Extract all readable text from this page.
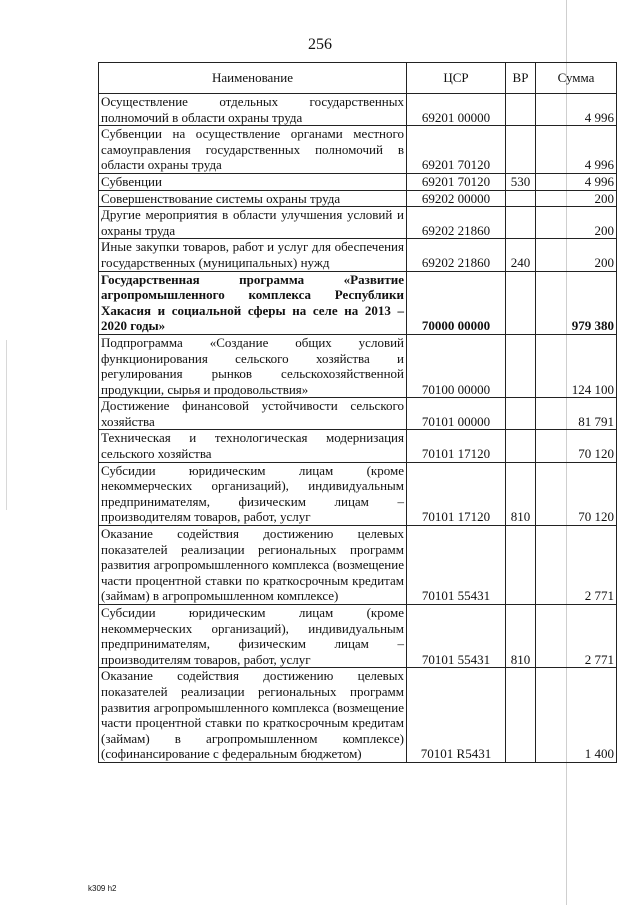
256
Наименование	ЦСР	ВР	Сумма
Осуществление отдельных государственных полномочий в области охраны труда	69201 00000		4 996
Субвенции на осуществление органами местного самоуправления государственных полномочий в области охраны труда	69201 70120		4 996
Субвенции	69201 70120	530	4 996
Совершенствование системы охраны труда	69202 00000		200
Другие мероприятия в области улучшения условий и охраны труда	69202 21860		200
Иные закупки товаров, работ и услуг для обеспечения государственных (муниципальных) нужд	69202 21860	240	200
Государственная программа «Развитие агропромышленного комплекса Республики Хакасия и социальной сферы на селе на 2013 – 2020 годы»	70000 00000		979 380
Подпрограмма «Создание общих условий функционирования сельского хозяйства и регулирования рынков сельскохозяйственной продукции, сырья и продовольствия»	70100 00000		124 100
Достижение финансовой устойчивости сельского хозяйства	70101 00000		81 791
Техническая и технологическая модернизация сельского хозяйства	70101 17120		70 120
Субсидии юридическим лицам (кроме некоммерческих организаций), индивидуальным предпринимателям, физическим лицам – производителям товаров, работ, услуг	70101 17120	810	70 120
Оказание содействия достижению целевых показателей реализации региональных программ развития агропромышленного комплекса (возмещение части процентной ставки по краткосрочным кредитам (займам) в агропромышленном комплексе)	70101 55431		2 771
Субсидии юридическим лицам (кроме некоммерческих организаций), индивидуальным предпринимателям, физическим лицам – производителям товаров, работ, услуг	70101 55431	810	2 771
Оказание содействия достижению целевых показателей реализации региональных программ развития агропромышленного комплекса (возмещение части процентной ставки по краткосрочным кредитам (займам) в агропромышленном комплексе) (софинансирование с федеральным бюджетом)	70101 R5431		1 400
k309 h2
